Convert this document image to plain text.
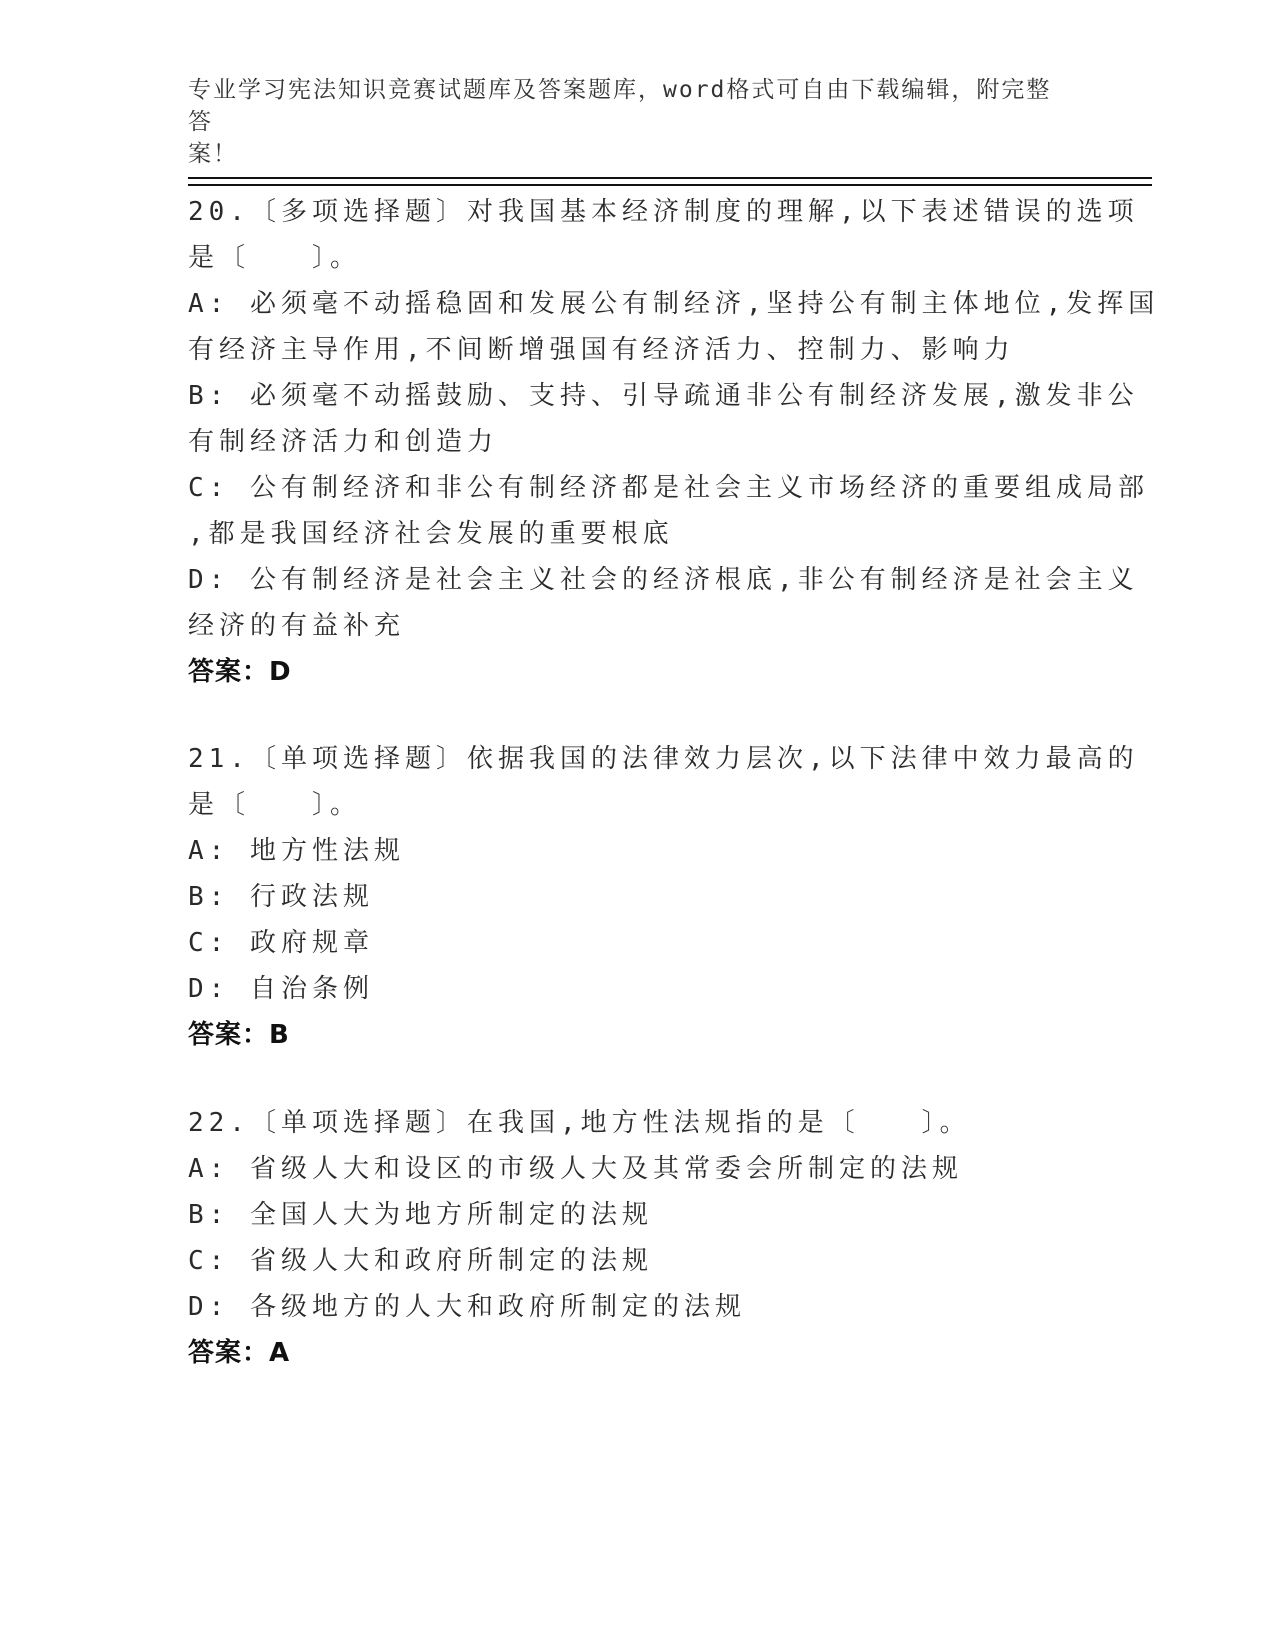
专业学习宪法知识竞赛试题库及答案题库，word格式可自由下载编辑，附完整答
案！
20.〔多项选择题〕对我国基本经济制度的理解,以下表述错误的选项
是〔　　〕。
A: 必须毫不动摇稳固和发展公有制经济,坚持公有制主体地位,发挥国
有经济主导作用,不间断增强国有经济活力、控制力、影响力
B: 必须毫不动摇鼓励、支持、引导疏通非公有制经济发展,激发非公
有制经济活力和创造力
C: 公有制经济和非公有制经济都是社会主义市场经济的重要组成局部
,都是我国经济社会发展的重要根底
D: 公有制经济是社会主义社会的经济根底,非公有制经济是社会主义
经济的有益补充
答案：D
21.〔单项选择题〕依据我国的法律效力层次,以下法律中效力最高的
是〔　　〕。
A: 地方性法规
B: 行政法规
C: 政府规章
D: 自治条例
答案：B
22.〔单项选择题〕在我国,地方性法规指的是〔　　〕。
A: 省级人大和设区的市级人大及其常委会所制定的法规
B: 全国人大为地方所制定的法规
C: 省级人大和政府所制定的法规
D: 各级地方的人大和政府所制定的法规
答案：A
